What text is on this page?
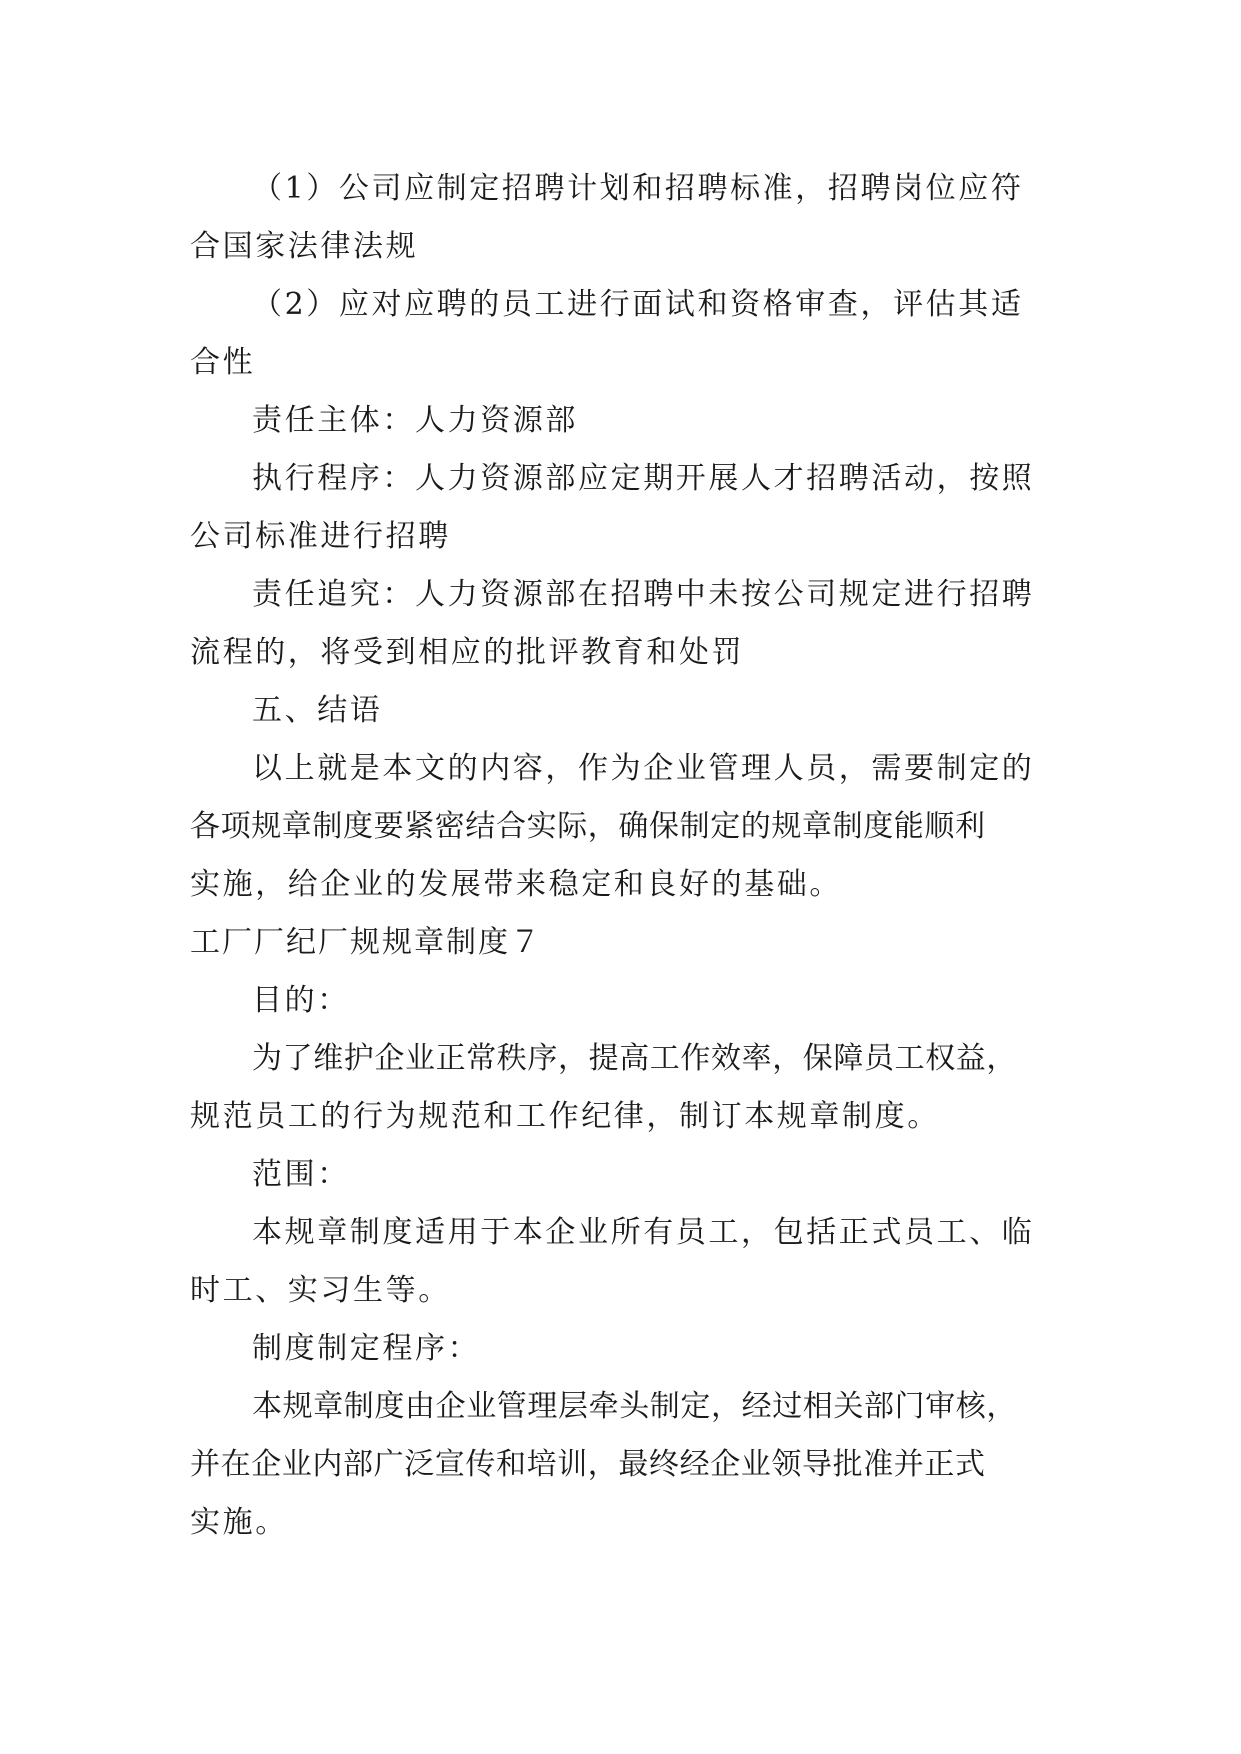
（1）公司应制定招聘计划和招聘标准，招聘岗位应符
合国家法律法规
（2）应对应聘的员工进行面试和资格审查，评估其适
合性
责任主体：人力资源部
执行程序：人力资源部应定期开展人才招聘活动，按照
公司标准进行招聘
责任追究：人力资源部在招聘中未按公司规定进行招聘
流程的，将受到相应的批评教育和处罚
五、结语
以上就是本文的内容，作为企业管理人员，需要制定的
各项规章制度要紧密结合实际，确保制定的规章制度能顺利
实施，给企业的发展带来稳定和良好的基础。
工厂厂纪厂规规章制度７
目的：
为了维护企业正常秩序，提高工作效率，保障员工权益，
规范员工的行为规范和工作纪律，制订本规章制度。
范围：
本规章制度适用于本企业所有员工，包括正式员工、临
时工、实习生等。
制度制定程序：
本规章制度由企业管理层牵头制定，经过相关部门审核，
并在企业内部广泛宣传和培训，最终经企业领导批准并正式
实施。
